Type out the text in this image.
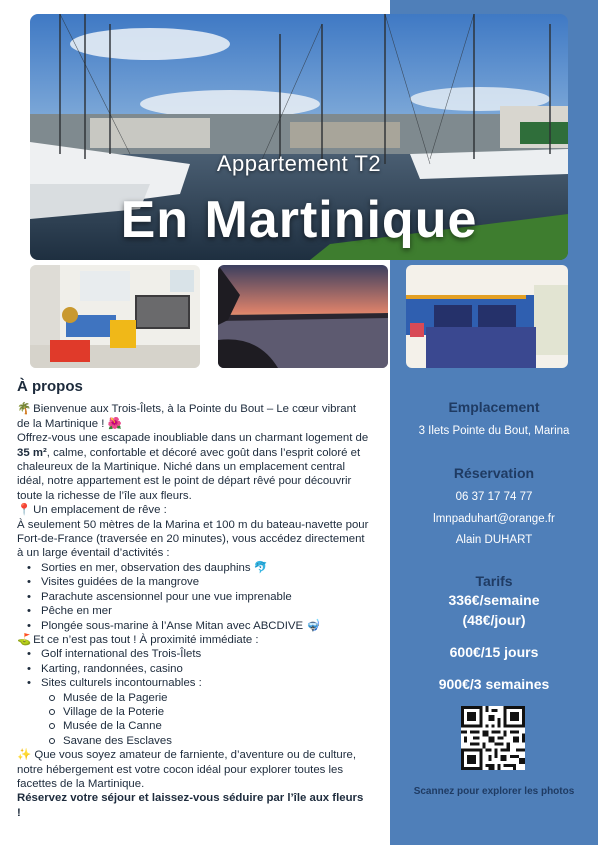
Appartement T2
En Martinique
À propos

🌴 Bienvenue aux Trois-Îlets, à la Pointe du Bout – Le cœur vibrant de la Martinique ! 🌺

Offrez-vous une escapade inoubliable dans un charmant logement de 35 m², calme, confortable et décoré avec goût dans l’esprit coloré et chaleureux de la Martinique. Niché dans un emplacement central idéal, notre appartement est le point de départ rêvé pour découvrir toute la richesse de l’île aux fleurs.

📍 Un emplacement de rêve :

À seulement 50 mètres de la Marina et 100 m du bateau-navette pour Fort-de-France (traversée en 20 minutes), vous accédez directement à un large éventail d’activités :

• Sorties en mer, observation des dauphins 🐬
• Visites guidées de la mangrove
• Parachute ascensionnel pour une vue imprenable
• Pêche en mer
• Plongée sous-marine à l’Anse Mitan avec ABCDIVE 🤿

⛳ Et ce n’est pas tout ! À proximité immédiate :

• Golf international des Trois-Îlets
• Karting, randonnées, casino
• Sites culturels incontournables :
Musée de la Pagerie
Village de la Poterie
Musée de la Canne
Savane des Esclaves

✨ Que vous soyez amateur de farniente, d’aventure ou de culture, notre hébergement est votre cocon idéal pour explorer toutes les facettes de la Martinique.

Réservez votre séjour et laissez-vous séduire par l’île aux fleurs !

Emplacement
3 Ilets Pointe du Bout, Marina
Réservation
06 37 17 74 77
lmnpaduhart@orange.fr
Alain DUHART
Tarifs
336€/semaine
(48€/jour)
600€/15 jours
900€/3 semaines
Scannez pour explorer les photos
